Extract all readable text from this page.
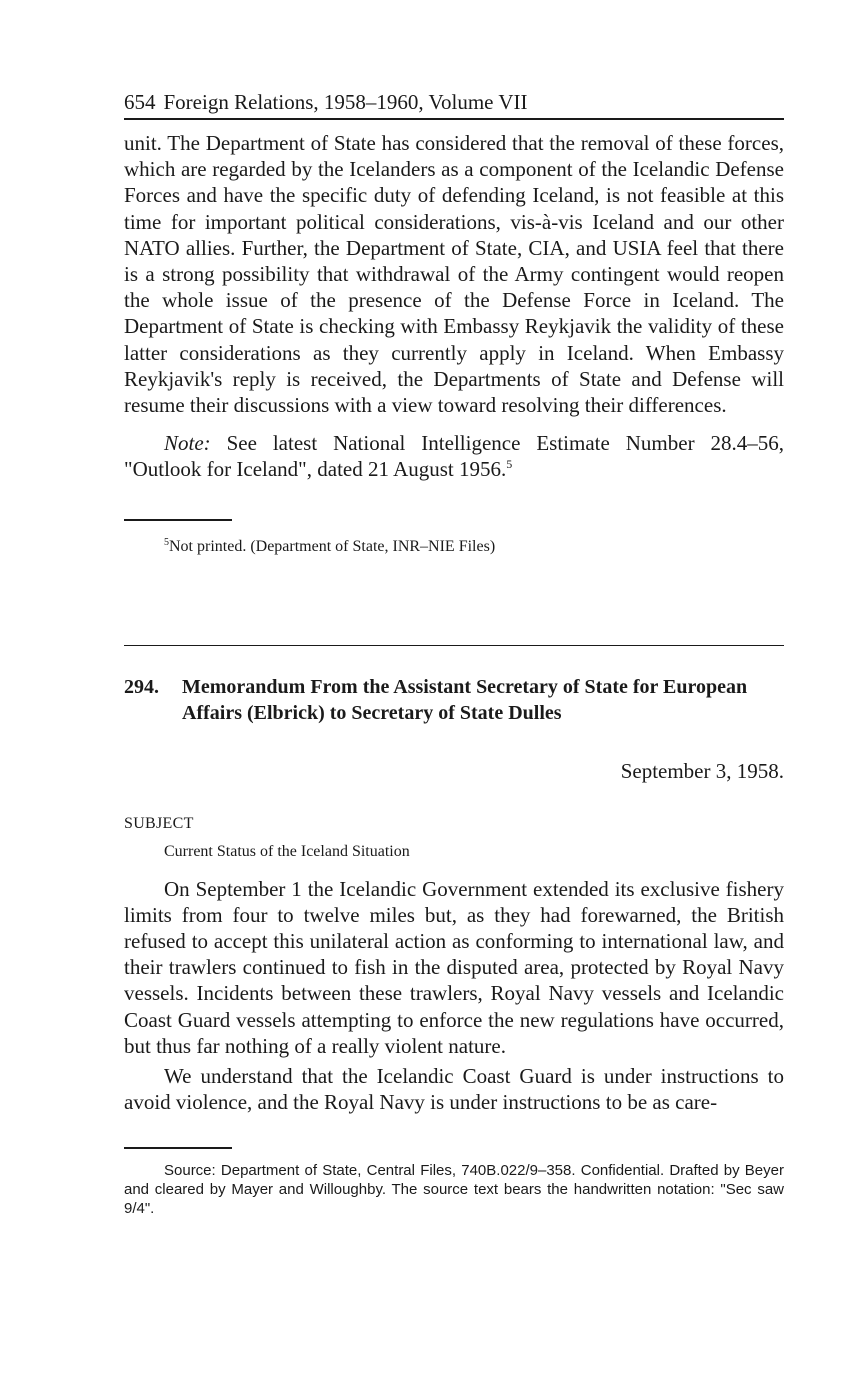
654 Foreign Relations, 1958–1960, Volume VII

unit. The Department of State has considered that the removal of these forces, which are regarded by the Icelanders as a component of the Icelandic Defense Forces and have the specific duty of defending Iceland, is not feasible at this time for important political considerations, vis-à-vis Iceland and our other NATO allies. Further, the Department of State, CIA, and USIA feel that there is a strong possibility that withdrawal of the Army contingent would reopen the whole issue of the presence of the Defense Force in Iceland. The Department of State is checking with Embassy Reykjavik the validity of these latter considerations as they currently apply in Iceland. When Embassy Reykjavik's reply is received, the Departments of State and Defense will resume their discussions with a view toward resolving their differences.

Note: See latest National Intelligence Estimate Number 28.4–56, "Outlook for Iceland", dated 21 August 1956.$^5$

$^5$Not printed. (Department of State, INR–NIE Files)

294.	Memorandum From the Assistant Secretary of State for European Affairs (Elbrick) to Secretary of State Dulles
September 3, 1958.
SUBJECT
Current Status of the Iceland Situation

On September 1 the Icelandic Government extended its exclusive fishery limits from four to twelve miles but, as they had forewarned, the British refused to accept this unilateral action as conforming to international law, and their trawlers continued to fish in the disputed area, protected by Royal Navy vessels. Incidents between these trawlers, Royal Navy vessels and Icelandic Coast Guard vessels attempting to enforce the new regulations have occurred, but thus far nothing of a really violent nature.

We understand that the Icelandic Coast Guard is under instructions to avoid violence, and the Royal Navy is under instructions to be as care-

Source: Department of State, Central Files, 740B.022/9–358. Confidential. Drafted by Beyer and cleared by Mayer and Willoughby. The source text bears the handwritten notation: "Sec saw 9/4".
